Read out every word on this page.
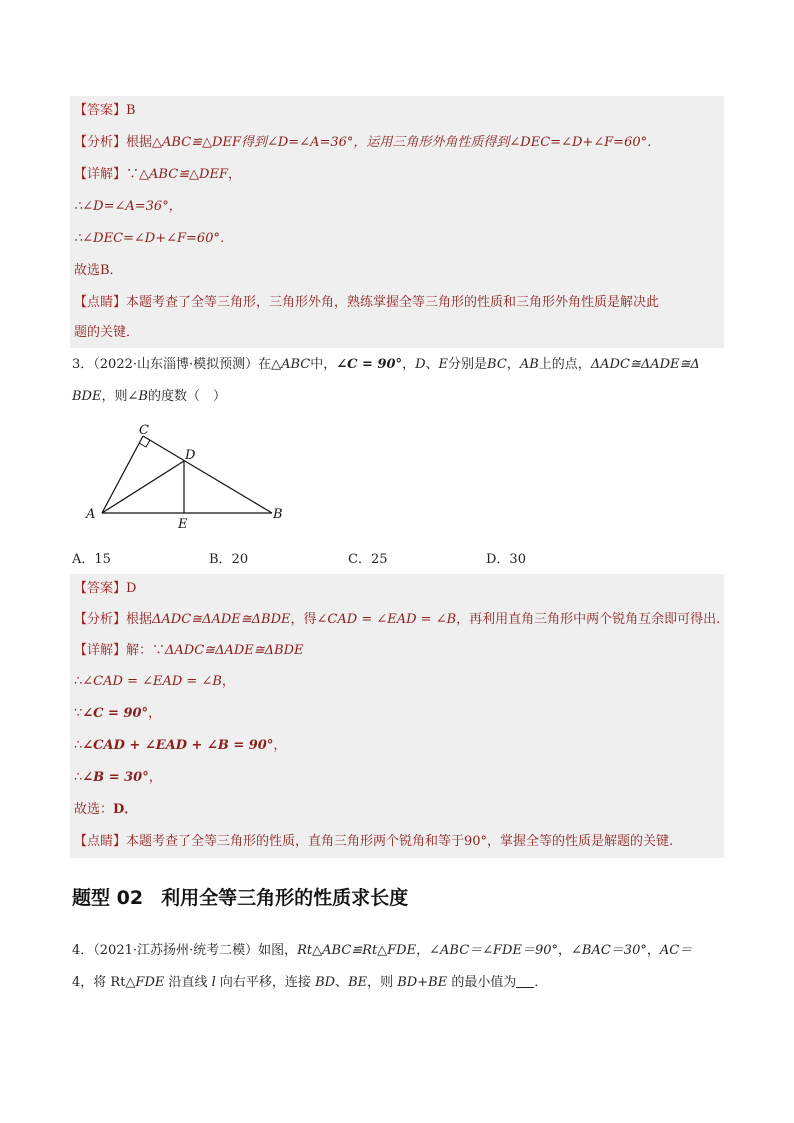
【答案】B
【分析】根据△ABC≌△DEF得到∠D=∠A=36°，运用三角形外角性质得到∠DEC=∠D+∠F=60°．
【详解】∵△ABC≌△DEF，
∴∠D=∠A=36°，
∴∠DEC=∠D+∠F=60°．
故选B．
【点睛】本题考查了全等三角形，三角形外角，熟练掌握全等三角形的性质和三角形外角性质是解决此
题的关键．
3．（2022·山东淄博·模拟预测）在△ABC中，∠C = 90°，D、E分别是BC，AB上的点，ΔADC≅ΔADE≅Δ
BDE，则∠B的度数（　）
C
D
A
E
B
A．15	B．20	C．25	D．30
【答案】D
【分析】根据ΔADC≅ΔADE≅ΔBDE，得∠CAD = ∠EAD = ∠B，再利用直角三角形中两个锐角互余即可得出.
【详解】解：∵ΔADC≅ΔADE≅ΔBDE
∴∠CAD = ∠EAD = ∠B，
∵∠C = 90°，
∴∠CAD + ∠EAD + ∠B = 90°，
∴∠B = 30°，
故选：D．
【点睛】本题考查了全等三角形的性质，直角三角形两个锐角和等于90°，掌握全等的性质是解题的关键.
题型 02 利用全等三角形的性质求长度
4．（2021·江苏扬州·统考二模）如图，Rt△ABC≌Rt△FDE，∠ABC＝∠FDE＝90°，∠BAC＝30°，AC＝
4，将 Rt△FDE 沿直线 l 向右平移，连接 BD、BE，则 BD+BE 的最小值为 ．
